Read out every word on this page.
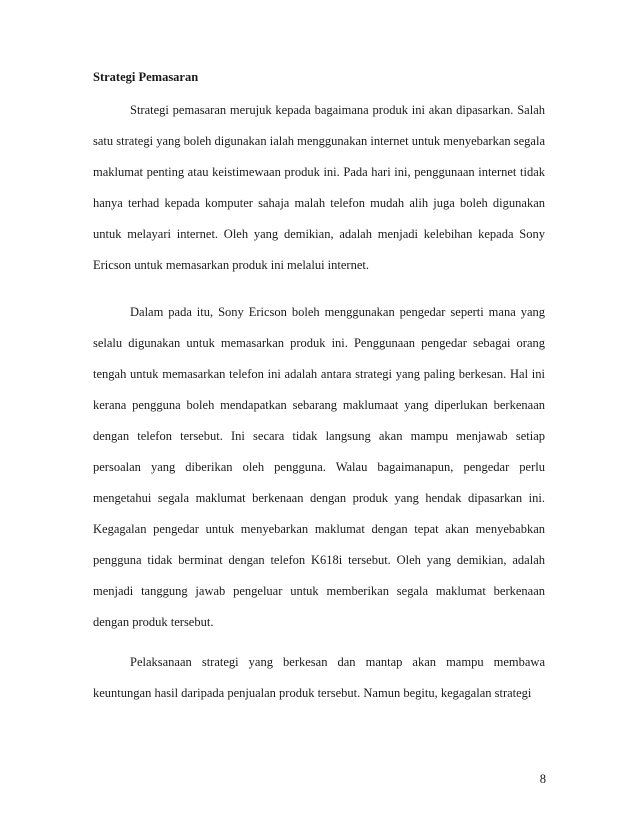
Strategi Pemasaran

Strategi pemasaran merujuk kepada bagaimana produk ini akan dipasarkan. Salah satu strategi yang boleh digunakan ialah menggunakan internet untuk menyebarkan segala maklumat penting atau keistimewaan produk ini. Pada hari ini, penggunaan internet tidak hanya terhad kepada komputer sahaja malah telefon mudah alih juga boleh digunakan untuk melayari internet. Oleh yang demikian, adalah menjadi kelebihan kepada Sony Ericson untuk memasarkan produk ini melalui internet.

Dalam pada itu, Sony Ericson boleh menggunakan pengedar seperti mana yang selalu digunakan untuk memasarkan produk ini. Penggunaan pengedar sebagai orang tengah untuk memasarkan telefon ini adalah antara strategi yang paling berkesan. Hal ini kerana pengguna boleh mendapatkan sebarang maklumaat yang diperlukan berkenaan dengan telefon tersebut. Ini secara tidak langsung akan mampu menjawab setiap persoalan yang diberikan oleh pengguna. Walau bagaimanapun, pengedar perlu mengetahui segala maklumat berkenaan dengan produk yang hendak dipasarkan ini. Kegagalan pengedar untuk menyebarkan maklumat dengan tepat akan menyebabkan pengguna tidak berminat dengan telefon K618i tersebut. Oleh yang demikian, adalah menjadi tanggung jawab pengeluar untuk memberikan segala maklumat berkenaan dengan produk tersebut.

Pelaksanaan strategi yang berkesan dan mantap akan mampu membawa keuntungan hasil daripada penjualan produk tersebut. Namun begitu, kegagalan strategi

8
